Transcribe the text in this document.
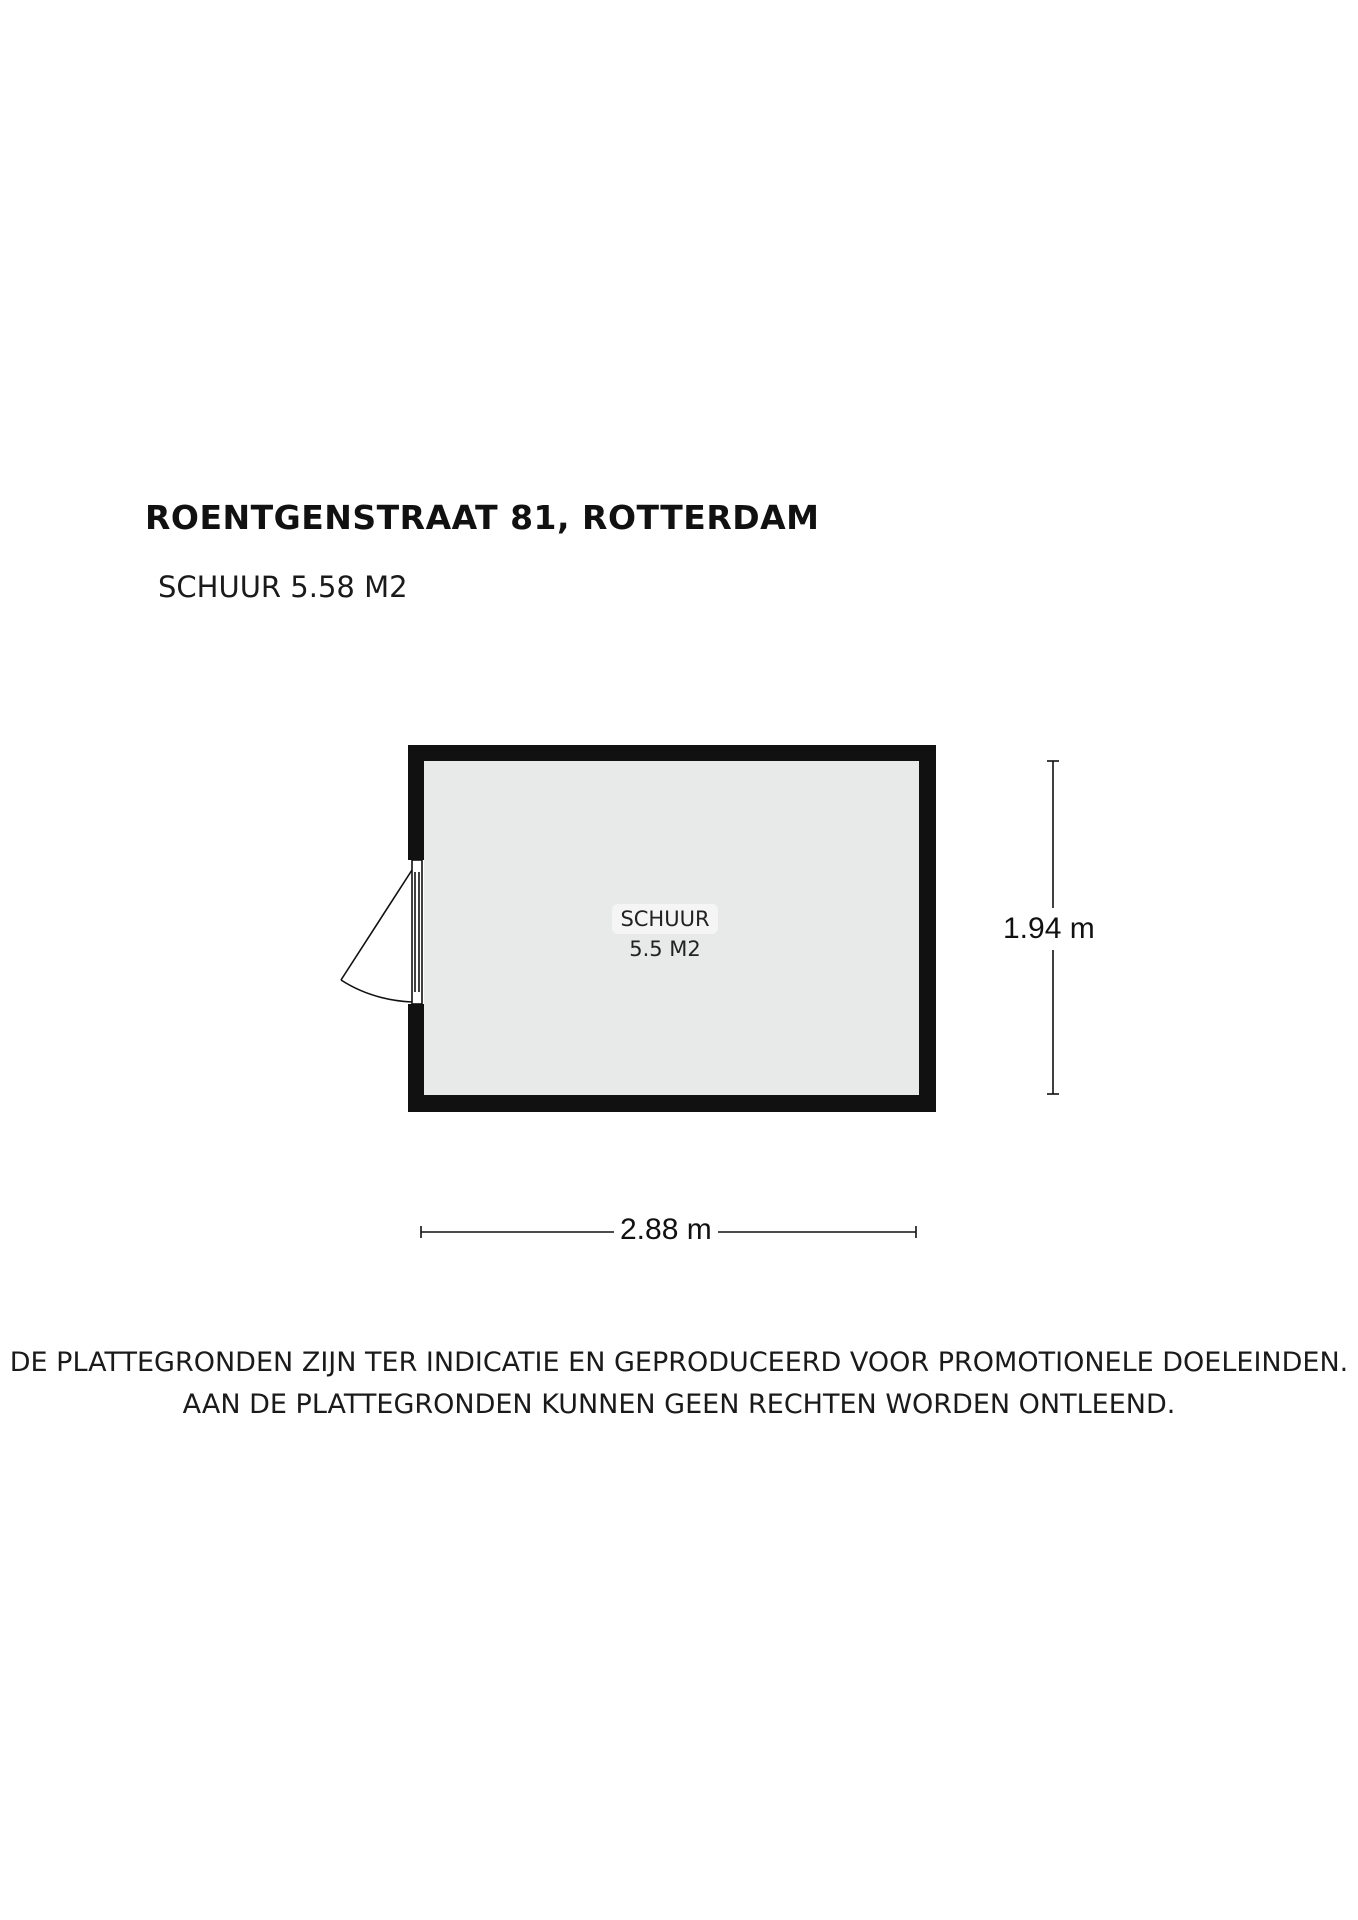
ROENTGENSTRAAT 81, ROTTERDAM
SCHUUR 5.58 M2
SCHUUR
5.5 M2
2.88 m
1.94 m
DE PLATTEGRONDEN ZIJN TER INDICATIE EN GEPRODUCEERD VOOR PROMOTIONELE DOELEINDEN.
AAN DE PLATTEGRONDEN KUNNEN GEEN RECHTEN WORDEN ONTLEEND.
